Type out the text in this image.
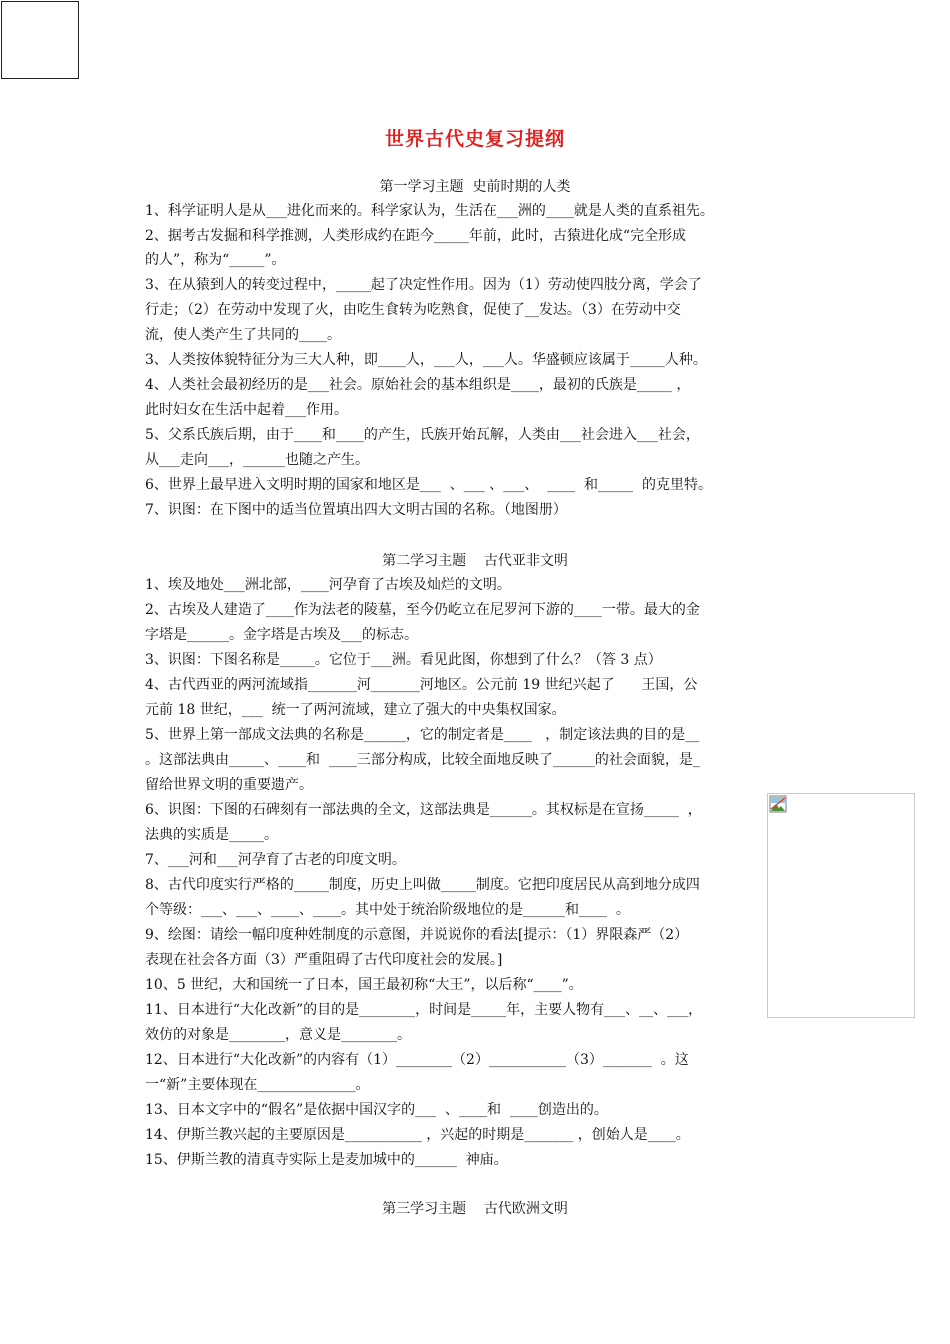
世界古代史复习提纲
第一学习主题  史前时期的人类
1、科学证明人是从___进化而来的。科学家认为，生活在___洲的____就是人类的直系祖先。
2、据考古发掘和科学推测，人类形成约在距今_____年前，此时，古猿进化成“完全形成
的人”，称为“_____”。
3、在从猿到人的转变过程中，_____起了决定性作用。因为（1）劳动使四肢分离，学会了
行走；（2）在劳动中发现了火，由吃生食转为吃熟食，促使了__发达。（3）在劳动中交
流，使人类产生了共同的____。
3、人类按体貌特征分为三大人种，即____人，___人，___人。华盛顿应该属于_____人种。
4、人类社会最初经历的是___社会。原始社会的基本组织是____，最初的氏族是_____ ，
此时妇女在生活中起着___作用。
5、父系氏族后期，由于____和____的产生，氏族开始瓦解，人类由___社会进入___社会，
从___走向___，______也随之产生。
6、世界上最早进入文明时期的国家和地区是___  、___ 、___、  ____  和_____  的克里特。
7、识图：在下图中的适当位置填出四大文明古国的名称。（地图册）
第二学习主题    古代亚非文明
1、埃及地处___洲北部，____河孕育了古埃及灿烂的文明。
2、古埃及人建造了____作为法老的陵墓，至今仍屹立在尼罗河下游的____一带。最大的金
字塔是______。金字塔是古埃及___的标志。
3、识图：下图名称是_____。它位于___洲。看见此图，你想到了什么？（答 3 点）
4、古代西亚的两河流域指_______河_______河地区。公元前 19 世纪兴起了      王国，公
元前 18 世纪，___  统一了两河流域，建立了强大的中央集权国家。
5、世界上第一部成文法典的名称是______，它的制定者是____   ，制定该法典的目的是__
。这部法典由_____、____和  ____三部分构成，比较全面地反映了______的社会面貌，是_
留给世界文明的重要遗产。
6、识图：下图的石碑刻有一部法典的全文，这部法典是______。其权标是在宣扬_____  ，
法典的实质是_____。
7、___河和___河孕育了古老的印度文明。
8、古代印度实行严格的_____制度，历史上叫做_____制度。它把印度居民从高到地分成四
个等级：___、___、____、____。其中处于统治阶级地位的是______和____  。
9、绘图：请绘一幅印度种姓制度的示意图，并说说你的看法[提示：（1）界限森严（2）
表现在社会各方面（3）严重阻碍了古代印度社会的发展。]
10、5 世纪，大和国统一了日本，国王最初称“大王”，以后称“____”。
11、日本进行“大化改新”的目的是________，时间是_____年，主要人物有___、__、___，
效仿的对象是________，意义是________。
12、日本进行“大化改新”的内容有（1）________（2）___________（3）_______  。这
一“新”主要体现在______________。
13、日本文字中的“假名”是依据中国汉字的___  、____和  ____创造出的。
14、伊斯兰教兴起的主要原因是___________ ，兴起的时期是_______ ，创始人是____。
15、伊斯兰教的清真寺实际上是麦加城中的______  神庙。
第三学习主题    古代欧洲文明
